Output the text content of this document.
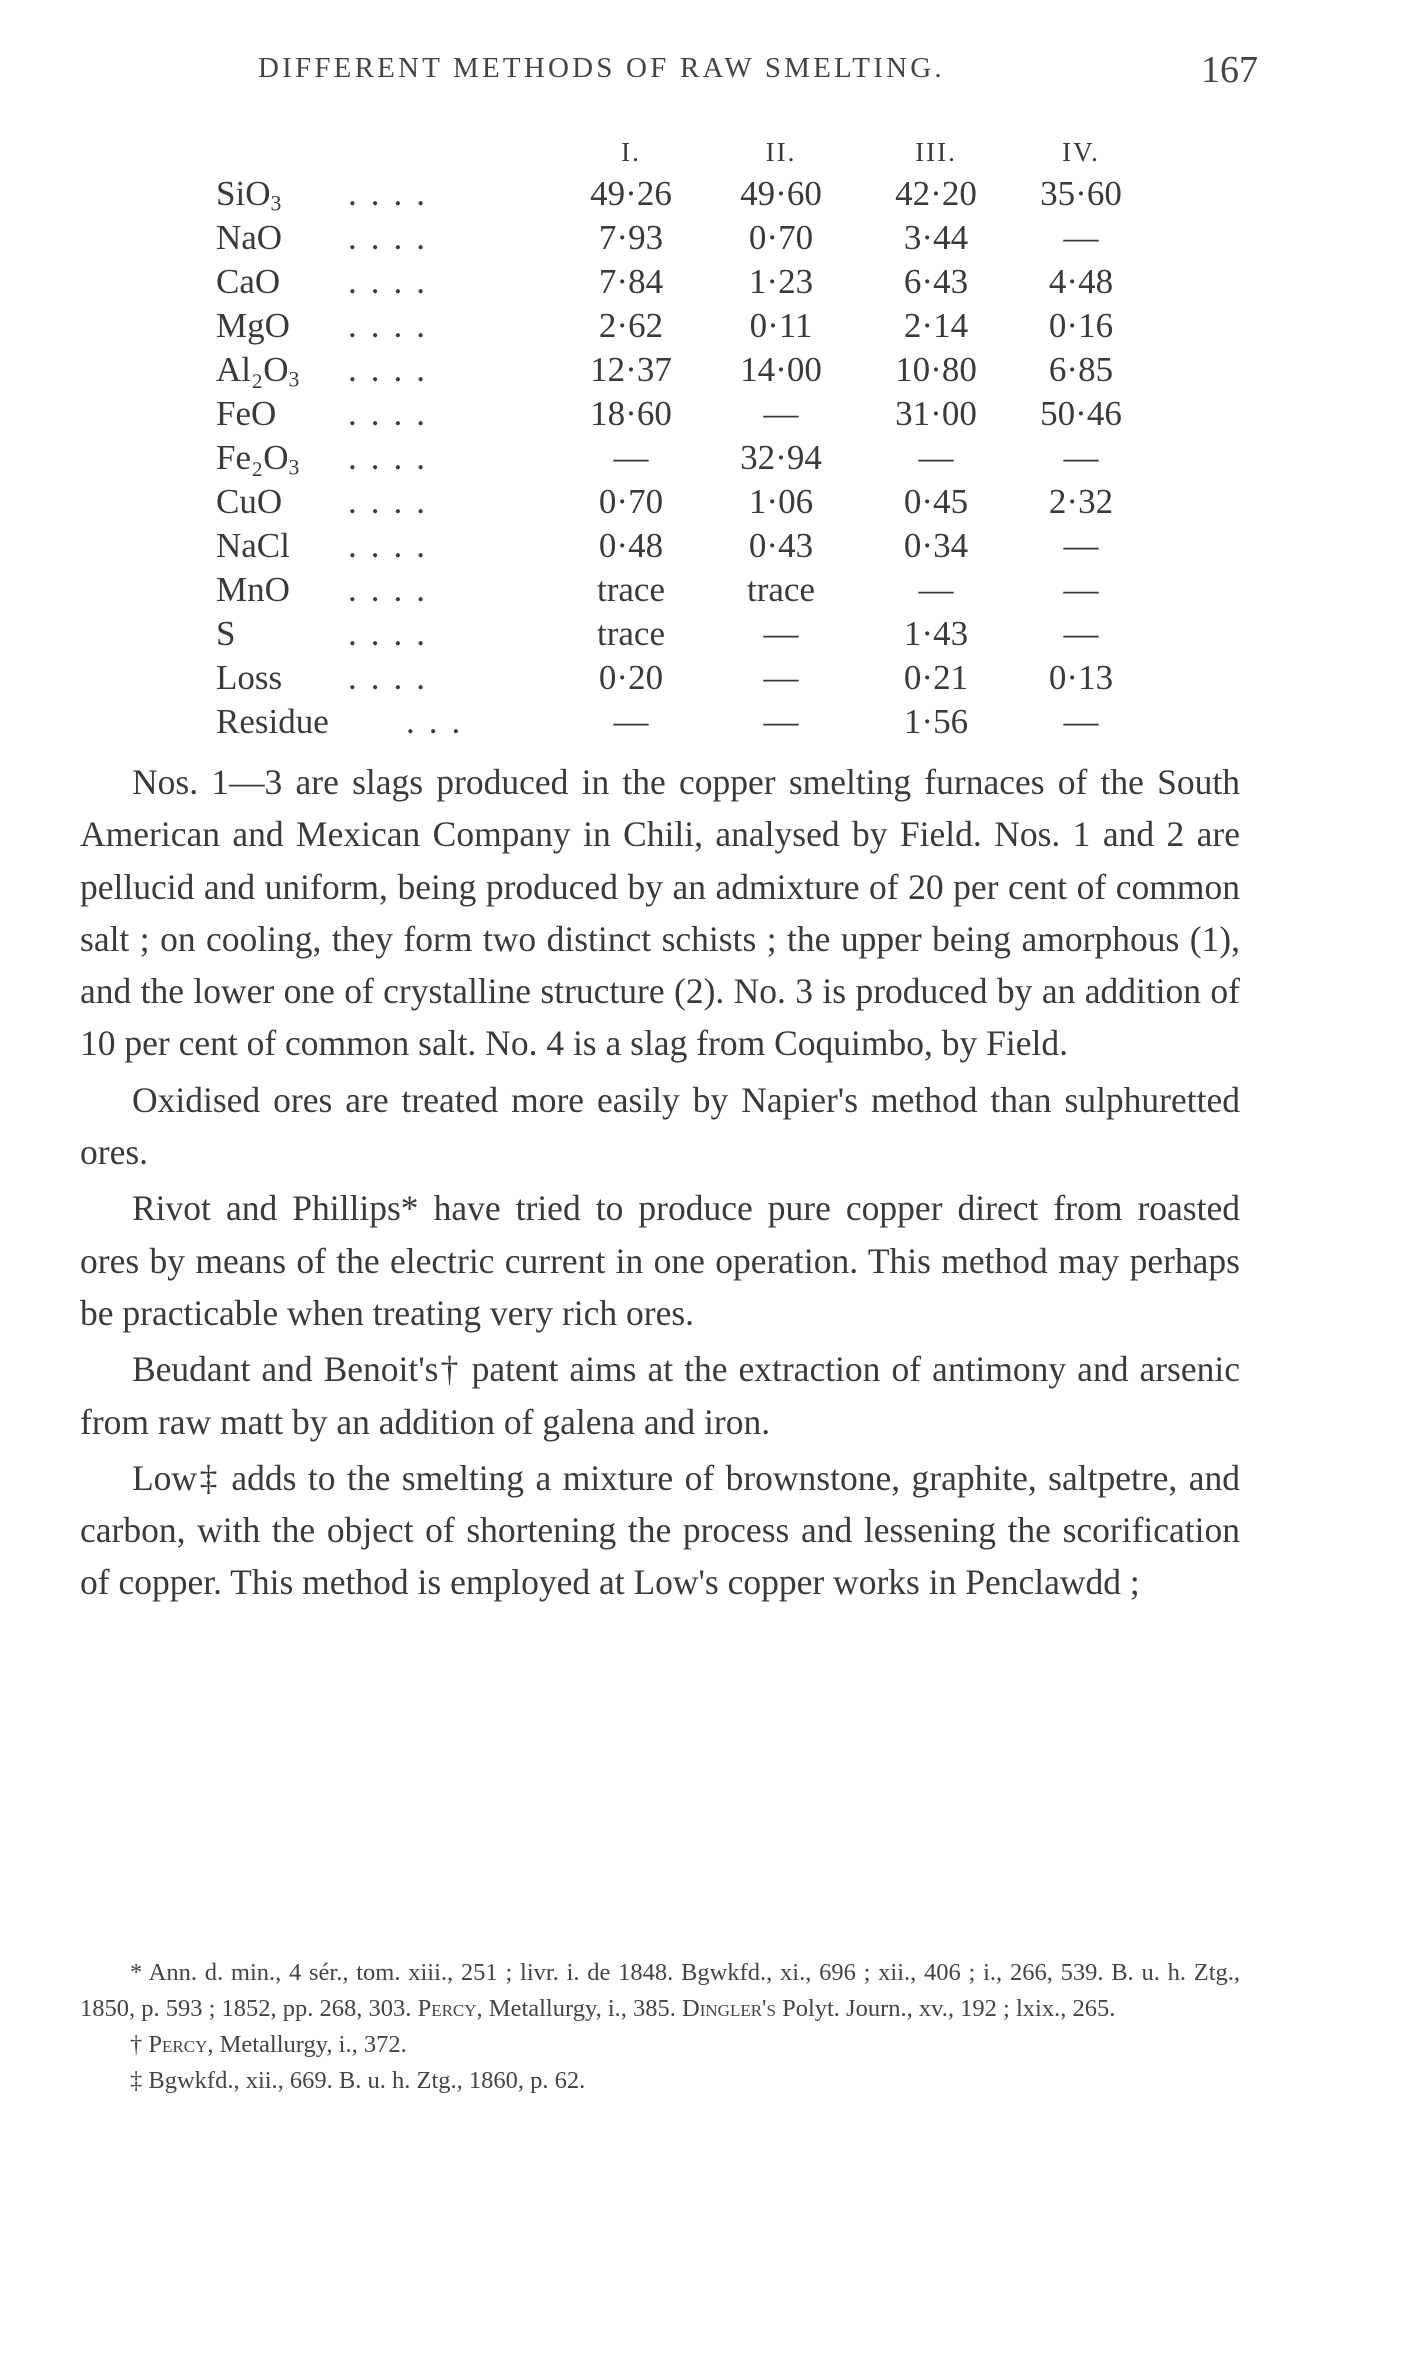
DIFFERENT METHODS OF RAW SMELTING.	167
I.	II.	III.	IV.
SiO$_3$ ....	49·26	49·60	42·20	35·60
NaO ....	7·93	0·70	3·44	—
CaO ....	7·84	1·23	6·43	4·48
MgO ....	2·62	0·11	2·14	0·16
$Al_2O_3$ ....	12·37	14·00	10·80	6·85
FeO ....	18·60	—	31·00	50·46
$Fe_2O_3$ ....	—	32·94	—	—
CuO ....	0·70	1·06	0·45	2·32
NaCl ....	0·48	0·43	0·34	—
MnO ....	trace	trace	—	—
S	....	trace	—	1·43	—
Loss ....	0·20	—	0·21	0·13
Residue ...	—	—	1·56	—

Nos. 1—3 are slags produced in the copper smelting furnaces of the South American and Mexican Company in Chili, analysed by Field. Nos. 1 and 2 are pellucid and uniform, being produced by an admixture of 20 per cent of common salt ; on cooling, they form two distinct schists ; the upper being amorphous (1), and the lower one of crystalline structure (2). No. 3 is produced by an addition of 10 per cent of common salt. No. 4 is a slag from Coquimbo, by Field.

Oxidised ores are treated more easily by Napier's method than sulphuretted ores.

Rivot and Phillips* have tried to produce pure copper direct from roasted ores by means of the electric current in one operation. This method may perhaps be practicable when treating very rich ores.

Beudant and Benoit's† patent aims at the extraction of antimony and arsenic from raw matt by an addition of galena and iron.

Low‡ adds to the smelting a mixture of brownstone, graphite, saltpetre, and carbon, with the object of shortening the process and lessening the scorification of copper. This method is employed at Low's copper works in Penclawdd ;

* Ann. d. min., 4 sér., tom. xiii., 251 ; livr. i. de 1848. Bgwkfd., xi., 696 ; xii., 406 ; i., 266, 539. B. u. h. Ztg., 1850, p. 593 ; 1852, pp. 268, 303. Percy, Metallurgy, i., 385. Dingler's Polyt. Journ., xv., 192 ; lxix., 265.

† Percy, Metallurgy, i., 372.

‡ Bgwkfd., xii., 669. B. u. h. Ztg., 1860, p. 62.
